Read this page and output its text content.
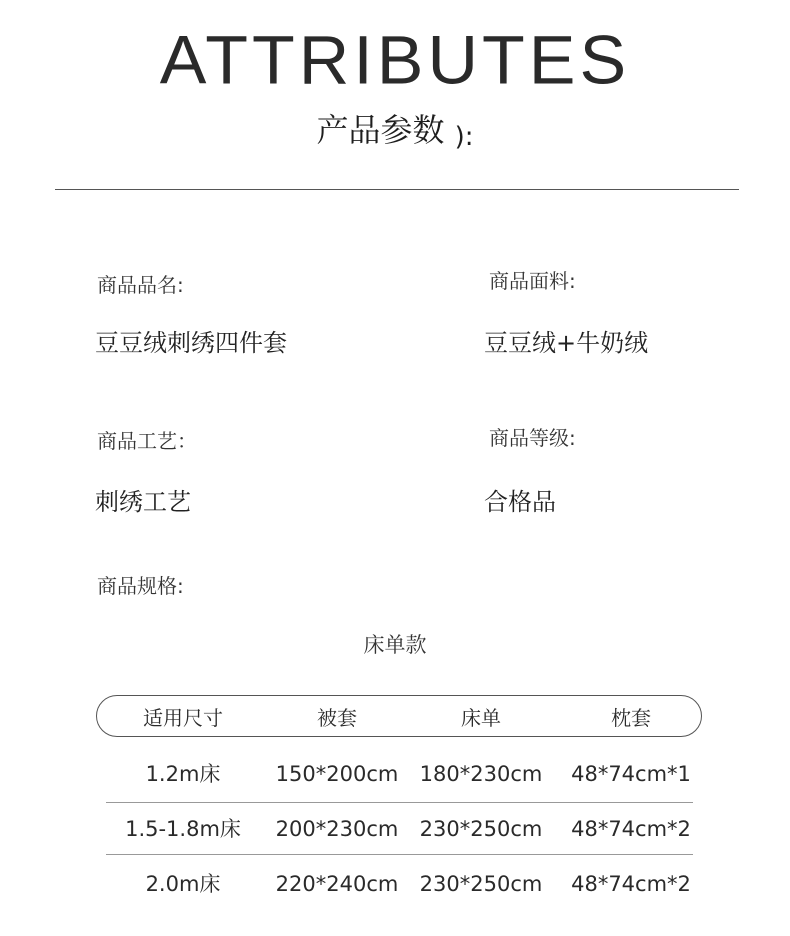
ATTRIBUTES
产品参数 ):
商品品名:
豆豆绒刺绣四件套
商品面料:
豆豆绒+牛奶绒
商品工艺：
刺绣工艺
商品等级:
合格品
商品规格:
床单款
适用尺寸	被套	床单	枕套
1.2m床	150*200cm	180*230cm	48*74cm*1
1.5-1.8m床	200*230cm	230*250cm	48*74cm*2
2.0m床	220*240cm	230*250cm	48*74cm*2
